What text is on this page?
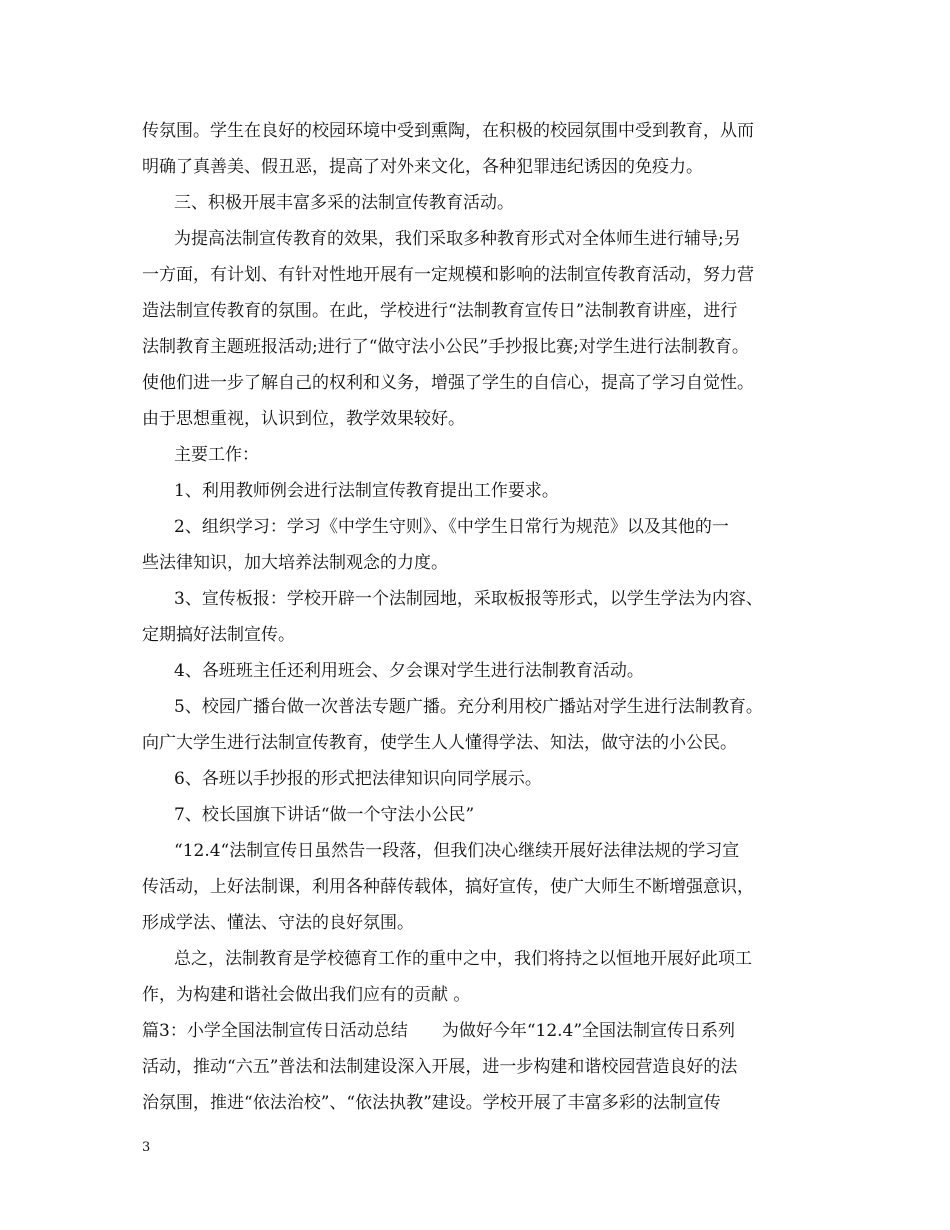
传氛围。学生在良好的校园环境中受到熏陶，在积极的校园氛围中受到教育，从而
明确了真善美、假丑恶，提高了对外来文化，各种犯罪违纪诱因的免疫力。
三、积极开展丰富多采的法制宣传教育活动。
为提高法制宣传教育的效果，我们采取多种教育形式对全体师生进行辅导;另
一方面，有计划、有针对性地开展有一定规模和影响的法制宣传教育活动，努力营
造法制宣传教育的氛围。在此，学校进行“法制教育宣传日”法制教育讲座，进行
法制教育主题班报活动;进行了“做守法小公民”手抄报比赛;对学生进行法制教育。
使他们进一步了解自己的权利和义务，增强了学生的自信心，提高了学习自觉性。
由于思想重视，认识到位，教学效果较好。
主要工作：
1、利用教师例会进行法制宣传教育提出工作要求。
2、组织学习：学习《中学生守则》、《中学生日常行为规范》以及其他的一
些法律知识，加大培养法制观念的力度。
3、宣传板报：学校开辟一个法制园地，采取板报等形式，以学生学法为内容、
定期搞好法制宣传。
4、各班班主任还利用班会、夕会课对学生进行法制教育活动。
5、校园广播台做一次普法专题广播。充分利用校广播站对学生进行法制教育。
向广大学生进行法制宣传教育，使学生人人懂得学法、知法，做守法的小公民。
6、各班以手抄报的形式把法律知识向同学展示。
7、校长国旗下讲话“做一个守法小公民”
“12.4“法制宣传日虽然告一段落，但我们决心继续开展好法律法规的学习宣
传活动，上好法制课，利用各种薛传载体，搞好宣传，使广大师生不断增强意识，
形成学法、懂法、守法的良好氛围。
总之，法制教育是学校德育工作的重中之中，我们将持之以恒地开展好此项工
作，为构建和谐社会做出我们应有的贡献 。
篇3：小学全国法制宣传日活动总结　　为做好今年“12.4”全国法制宣传日系列
活动，推动“六五”普法和法制建设深入开展，进一步构建和谐校园营造良好的法
治氛围，推进“依法治校”、“依法执教”建设。学校开展了丰富多彩的法制宣传
3
